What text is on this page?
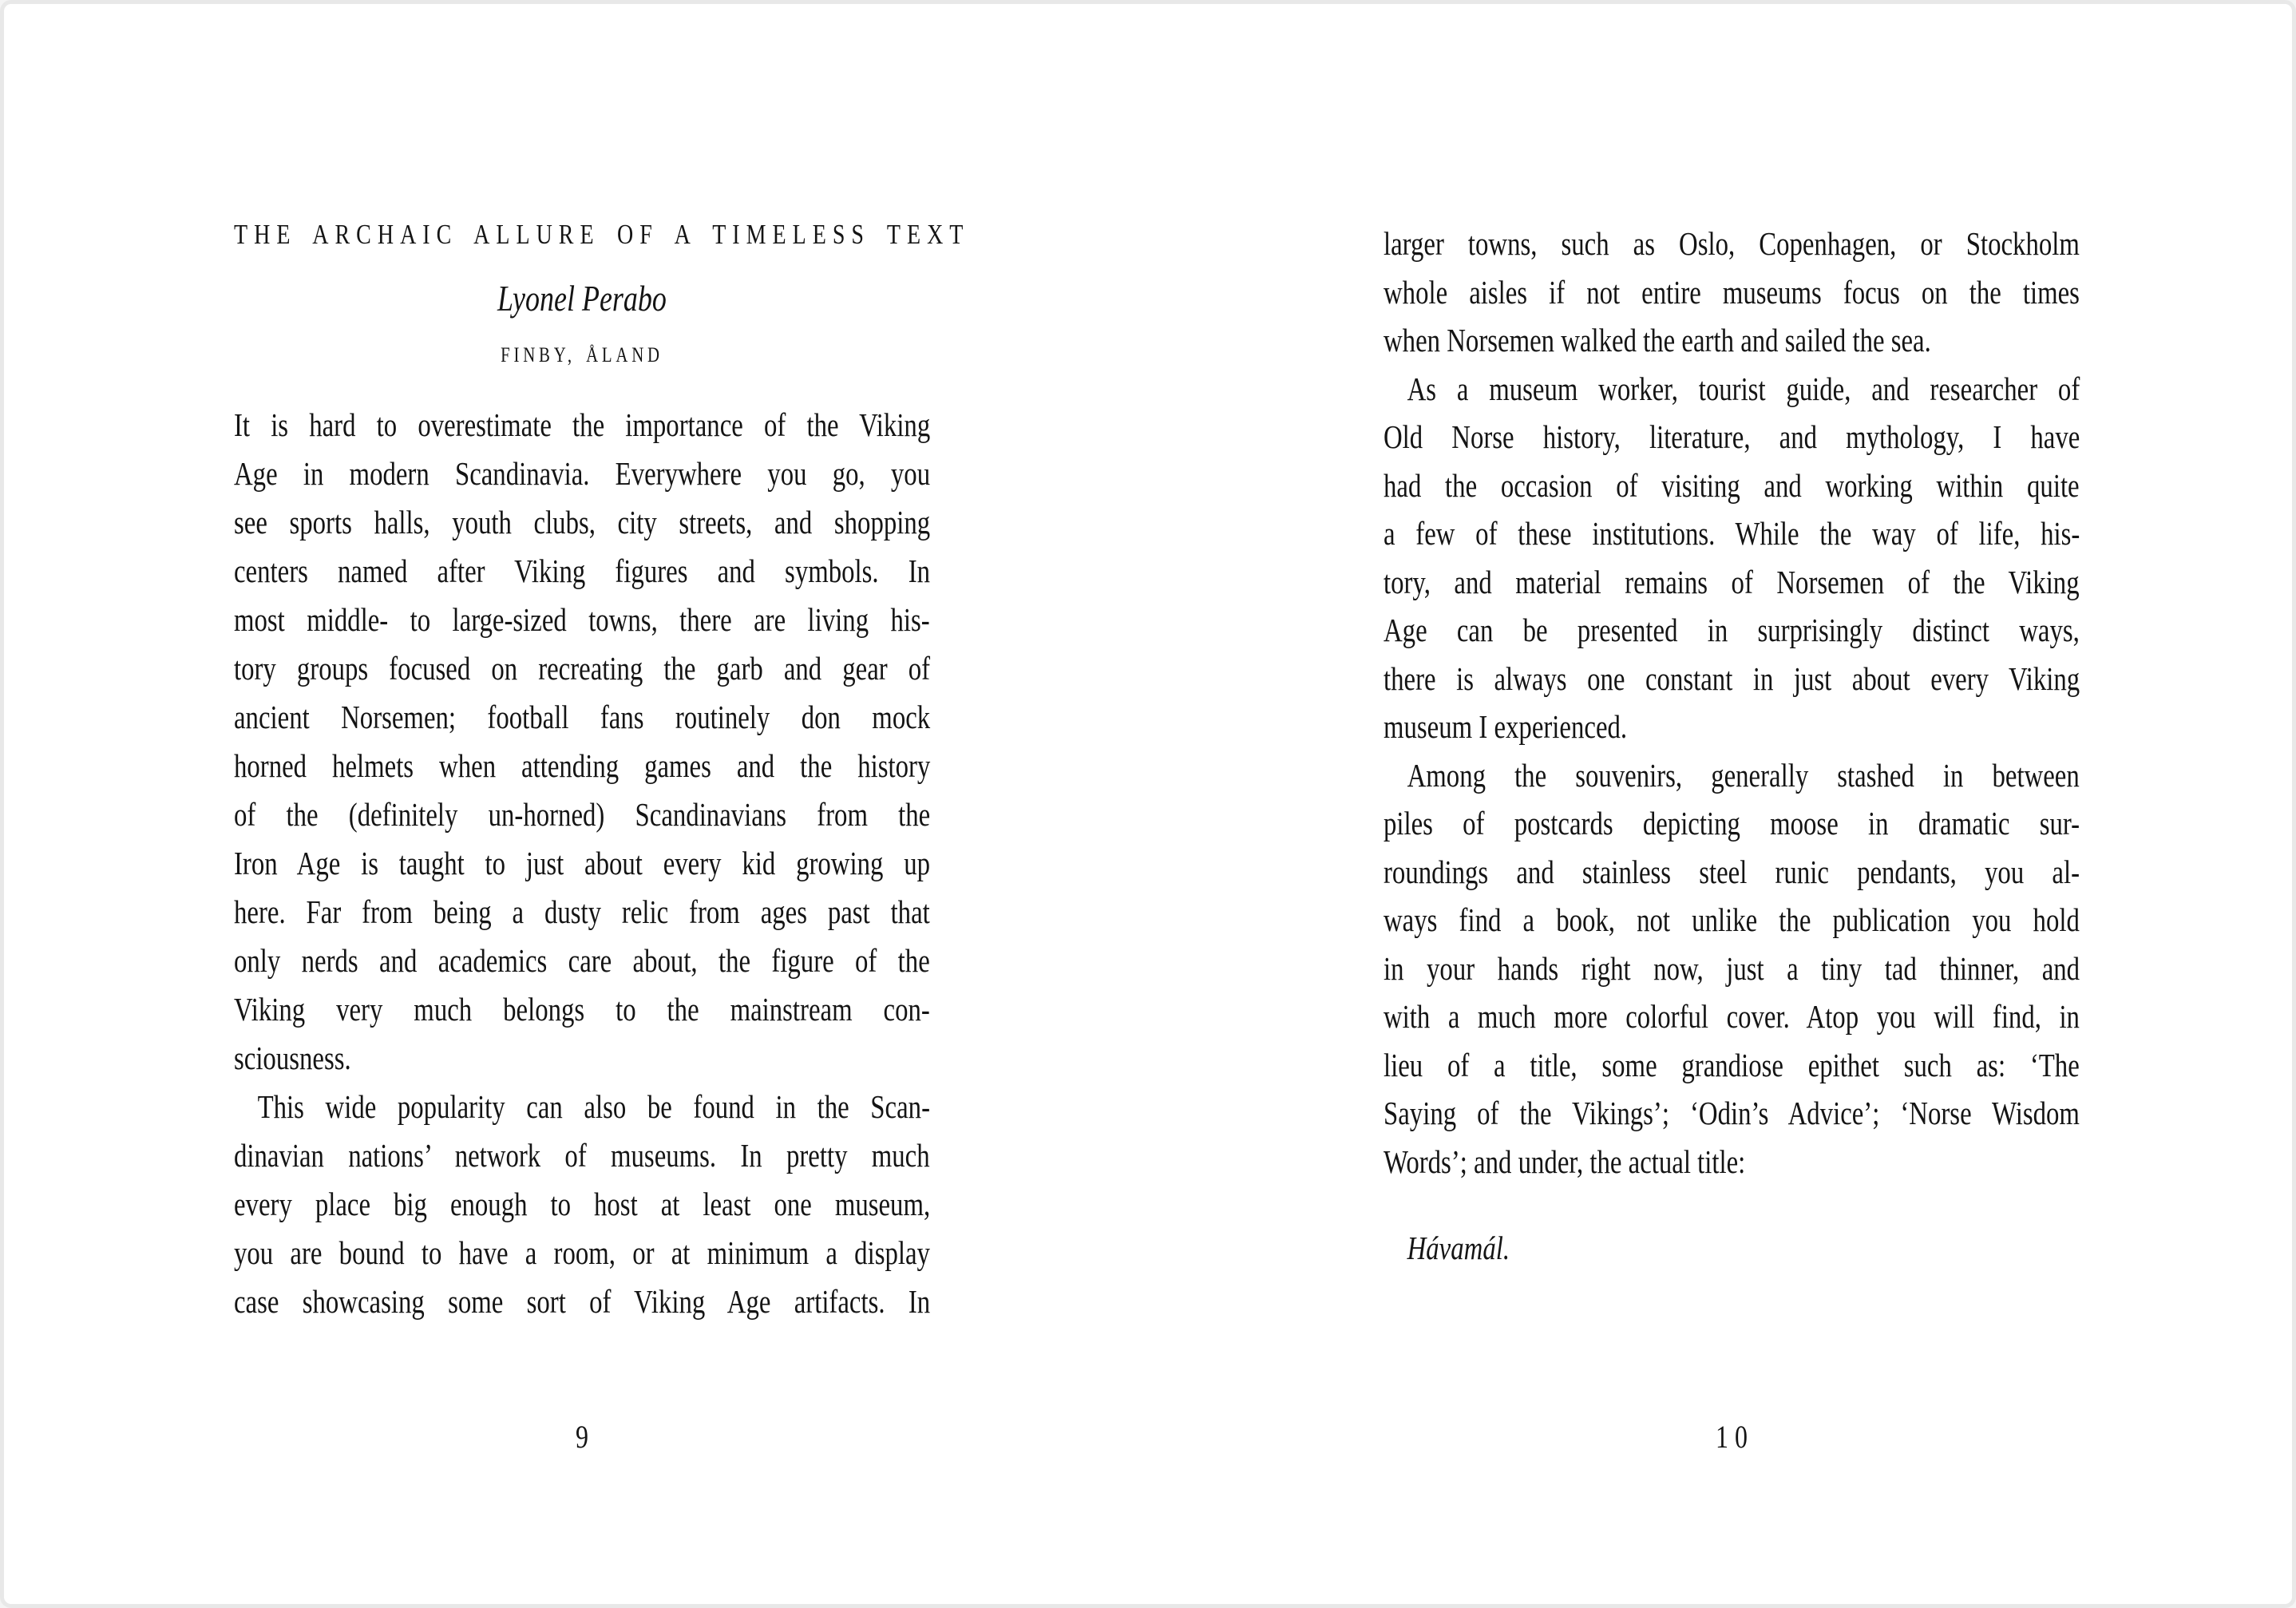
THE ARCHAIC ALLURE OF A TIMELESS TEXT
Lyonel Perabo
FINBY, ÅLAND
It is hard to overestimate the importance of the Viking
Age in modern Scandinavia. Everywhere you go, you
see sports halls, youth clubs, city streets, and shopping
centers named after Viking figures and symbols. In
most middle- to large-sized towns, there are living his-
tory groups focused on recreating the garb and gear of
ancient Norsemen; football fans routinely don mock
horned helmets when attending games and the history
of the (definitely un-horned) Scandinavians from the
Iron Age is taught to just about every kid growing up
here. Far from being a dusty relic from ages past that
only nerds and academics care about, the figure of the
Viking very much belongs to the mainstream con-
sciousness.
This wide popularity can also be found in the Scan-
dinavian nations’ network of museums. In pretty much
every place big enough to host at least one museum,
you are bound to have a room, or at minimum a display
case showcasing some sort of Viking Age artifacts. In
9
larger towns, such as Oslo, Copenhagen, or Stockholm
whole aisles if not entire museums focus on the times
when Norsemen walked the earth and sailed the sea.
As a museum worker, tourist guide, and researcher of
Old Norse history, literature, and mythology, I have
had the occasion of visiting and working within quite
a few of these institutions. While the way of life, his-
tory, and material remains of Norsemen of the Viking
Age can be presented in surprisingly distinct ways,
there is always one constant in just about every Viking
museum I experienced.
Among the souvenirs, generally stashed in between
piles of postcards depicting moose in dramatic sur-
roundings and stainless steel runic pendants, you al-
ways find a book, not unlike the publication you hold
in your hands right now, just a tiny tad thinner, and
with a much more colorful cover. Atop you will find, in
lieu of a title, some grandiose epithet such as: ‘The
Saying of the Vikings’; ‘Odin’s Advice’; ‘Norse Wisdom
Words’; and under, the actual title:
Hávamál.
10
